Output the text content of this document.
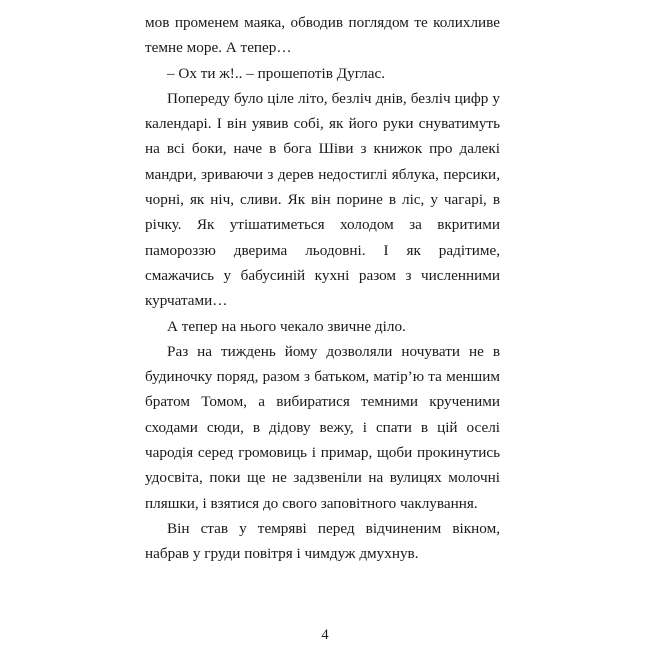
мов променем маяка, обводив поглядом те колихливе темне море. А тепер…

– Ох ти ж!.. – прошепотів Дуглас.

Попереду було ціле літо, безліч днів, безліч цифр у календарі. І він уявив собі, як його руки снуватимуть на всі боки, наче в бога Шіви з книжок про далекі мандри, зриваючи з дерев недостиглі яблука, персики, чорні, як ніч, сливи. Як він порине в ліс, у чагарі, в річку. Як утішатиметься холодом за вкритими памороззю дверима льодовні. І як радітиме, смажачись у бабусиній кухні разом з численними курчатами…

А тепер на нього чекало звичне діло.

Раз на тиждень йому дозволяли ночувати не в будиночку поряд, разом з батьком, матір’ю та меншим братом Томом, а вибиратися темними крученими сходами сюди, в дідову вежу, і спати в цій оселі чародія серед громовиць і примар, щоби прокинутись удосвіта, поки ще не задзвеніли на вулицях молочні пляшки, і взятися до свого заповітного чаклування.

Він став у темряві перед відчиненим вікном, набрав у груди повітря і чимдуж дмухнув.

4
